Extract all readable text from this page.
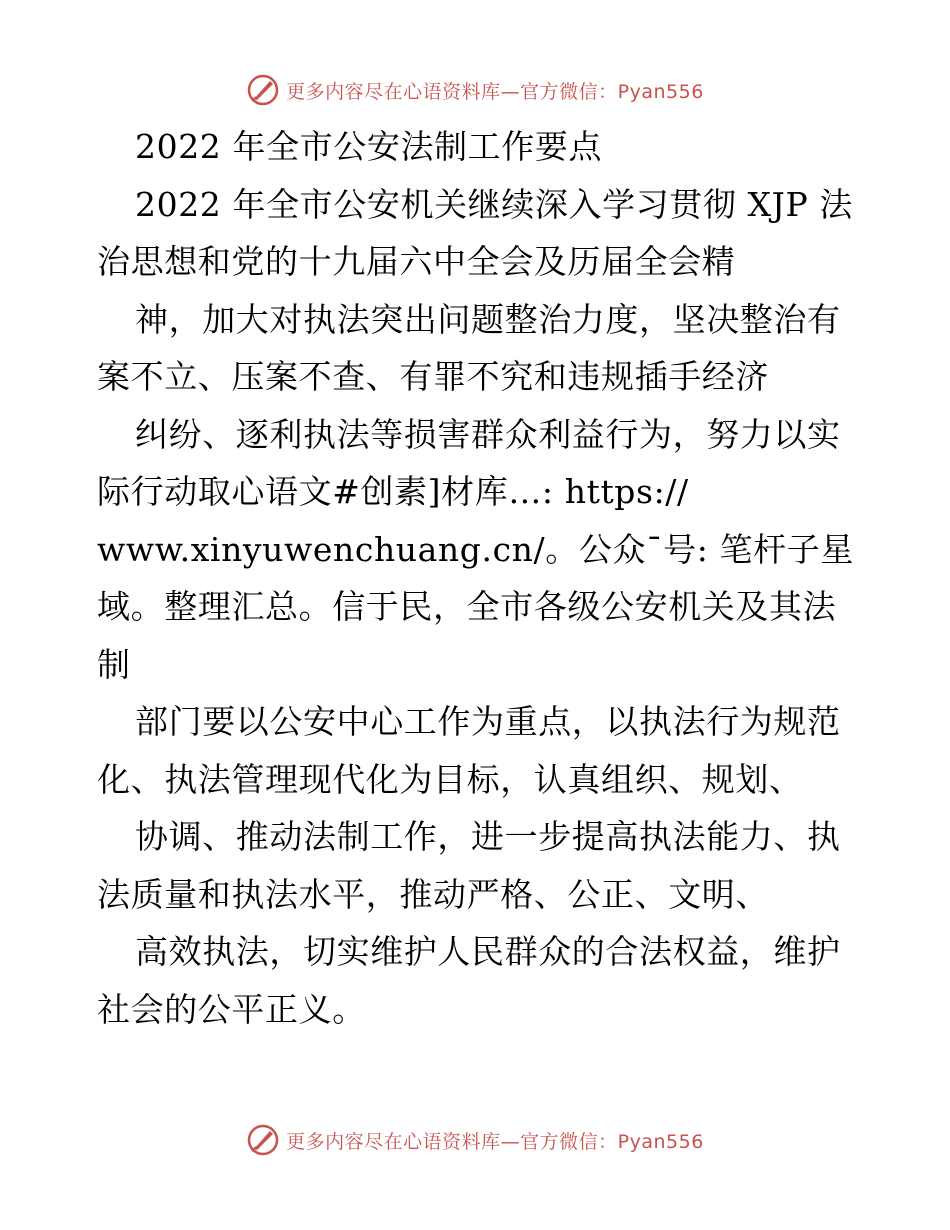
更多内容尽在心语资料库—官方微信：Pyan556
2022 年全市公安法制工作要点
2022 年全市公安机关继续深入学习贯彻 XJP 法
治思想和党的十九届六中全会及历届全会精
神，加大对执法突出问题整治力度，坚决整治有
案不立、压案不查、有罪不究和违规插手经济
纠纷、逐利执法等损害群众利益行为，努力以实
际行动取心语文#创素]材库…: https://
www.xinyuwenchuang.cn/。公众¯号: 笔杆子星
域。整理汇总。信于民，全市各级公安机关及其法
制
部门要以公安中心工作为重点，以执法行为规范
化、执法管理现代化为目标，认真组织、规划、
协调、推动法制工作，进一步提高执法能力、执
法质量和执法水平，推动严格、公正、文明、
高效执法，切实维护人民群众的合法权益，维护
社会的公平正义。
更多内容尽在心语资料库—官方微信：Pyan556
